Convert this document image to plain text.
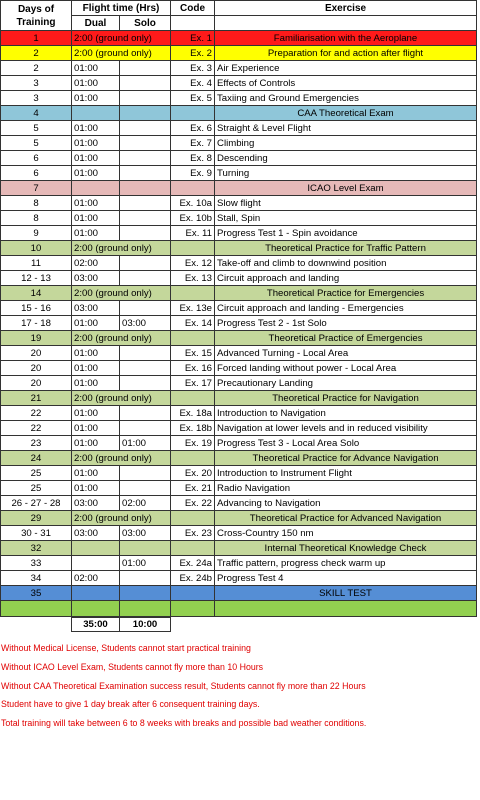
Days of Training	Flight time (Hrs)		Code	Exercise
	Dual	Solo		
1	2:00 (ground only)		Ex. 1	Familiarisation with the Aeroplane
2	2:00 (ground only)		Ex. 2	Preparation for and action after flight
2	01:00		Ex. 3	Air Experience
3	01:00		Ex. 4	Effects of Controls
3	01:00		Ex. 5	Taxiing and Ground Emergencies
4				CAA Theoretical Exam
5	01:00		Ex. 6	Straight & Level Flight
5	01:00		Ex. 7	Climbing
6	01:00		Ex. 8	Descending
6	01:00		Ex. 9	Turning
7				ICAO Level Exam
8	01:00		Ex. 10a	Slow flight
8	01:00		Ex. 10b	Stall, Spin
9	01:00		Ex. 11	Progress Test 1 - Spin avoidance
10	2:00 (ground only)			Theoretical Practice for Traffic Pattern
11	02:00		Ex. 12	Take-off and climb to downwind position
12 - 13	03:00		Ex. 13	Circuit approach and landing
14	2:00 (ground only)			Theoretical Practice for Emergencies
15 - 16	03:00		Ex. 13e	Circuit approach and landing - Emergencies
17 - 18	01:00	03:00	Ex. 14	Progress Test 2 - 1st Solo
19	2:00 (ground only)			Theoretical Practice of Emergencies
20	01:00		Ex. 15	Advanced Turning - Local Area
20	01:00		Ex. 16	Forced landing without power - Local Area
20	01:00		Ex. 17	Precautionary Landing
21	2:00 (ground only)			Theoretical Practice for Navigation
22	01:00		Ex. 18a	Introduction to Navigation
22	01:00		Ex. 18b	Navigation at lower levels and in reduced visibility
23	01:00	01:00	Ex. 19	Progress Test 3 - Local Area Solo
24	2:00 (ground only)			Theoretical Practice for Advance Navigation
25	01:00		Ex. 20	Introduction to Instrument Flight
25	01:00		Ex. 21	Radio Navigation
26 - 27 - 28	03:00	02:00	Ex. 22	Advancing to Navigation
29	2:00 (ground only)			Theoretical Practice for Advanced Navigation
30 - 31	03:00	03:00	Ex. 23	Cross-Country 150 nm
32				Internal Theoretical Knowledge Check
33		01:00	Ex. 24a	Traffic pattern, progress check warm up
34	02:00		Ex. 24b	Progress Test 4
35				SKILL TEST

	35:00	10:00		
Without Medical License, Students cannot start practical training
Without ICAO Level Exam, Students cannot fly more than 10 Hours
Without CAA Theoretical Examination success result, Students cannot fly more than 22 Hours
Student have to give 1 day break after 6 consequent training days.
Total training will take between 6 to 8 weeks with breaks and possible bad weather conditions.
